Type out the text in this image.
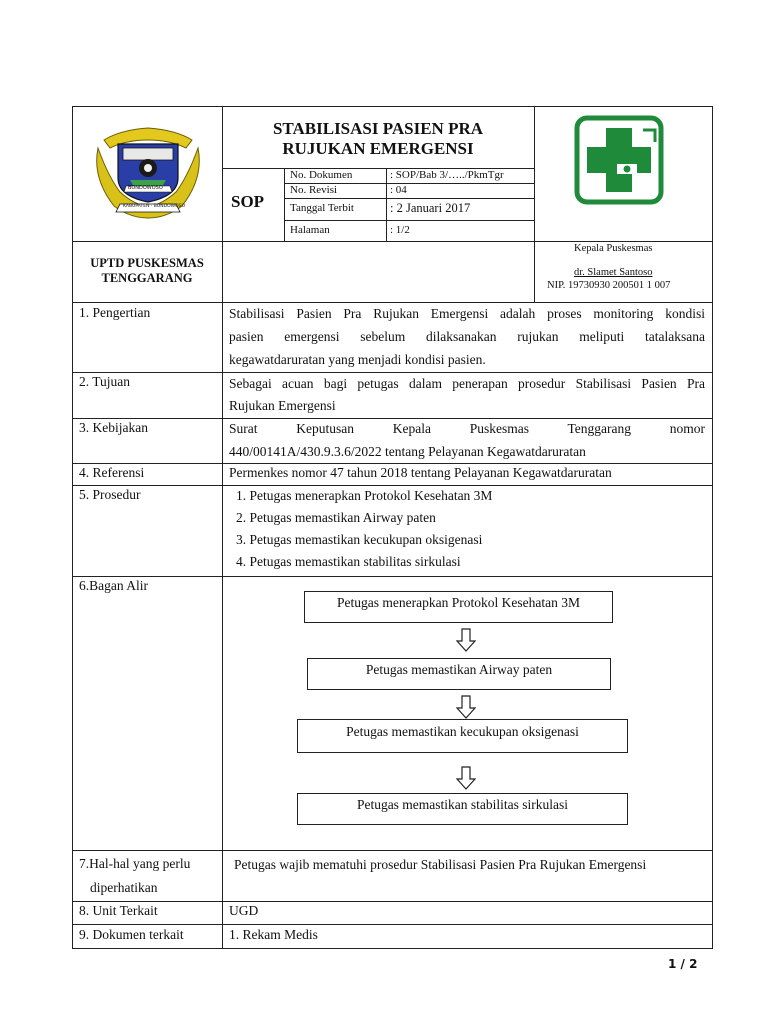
BONDOWOSO
KABUPATEN · BONDOWOSO
STABILISASI PASIEN PRA
RUJUKAN EMERGENSI
SOP
No. Dokumen	: SOP/Bab 3/…../PkmTgr
No. Revisi	: 04
Tanggal Terbit	: 2 Januari 2017
Halaman	: 1/2
UPTD PUSKESMAS
TENGGARANG
Kepala Puskesmas
dr. Slamet Santoso
NIP. 19730930 200501 1 007
1. Pengertian	Stabilisasi Pasien Pra Rujukan Emergensi adalah proses monitoring kondisi
pasien emergensi sebelum dilaksanakan rujukan meliputi tatalaksana
kegawatdaruratan yang menjadi kondisi pasien.
2. Tujuan	Sebagai acuan bagi petugas dalam penerapan prosedur Stabilisasi Pasien Pra
Rujukan Emergensi
3. Kebijakan	Surat Keputusan Kepala Puskesmas Tenggarang nomor
440/00141A/430.9.3.6/2022 tentang Pelayanan Kegawatdaruratan
4. Referensi	Permenkes nomor 47 tahun 2018 tentang Pelayanan Kegawatdaruratan
5. Prosedur	1. Petugas menerapkan Protokol Kesehatan 3M
2. Petugas memastikan Airway paten
3. Petugas memastikan kecukupan oksigenasi
4. Petugas memastikan stabilitas sirkulasi
6.Bagan Alir
Petugas menerapkan Protokol Kesehatan 3M
Petugas memastikan Airway paten
Petugas memastikan kecukupan oksigenasi
Petugas memastikan stabilitas sirkulasi
7.Hal-hal yang perlu
diperhatikan
Petugas wajib mematuhi prosedur Stabilisasi Pasien Pra Rujukan Emergensi
8. Unit Terkait	UGD
9. Dokumen terkait	1. Rekam Medis
1 / 2
